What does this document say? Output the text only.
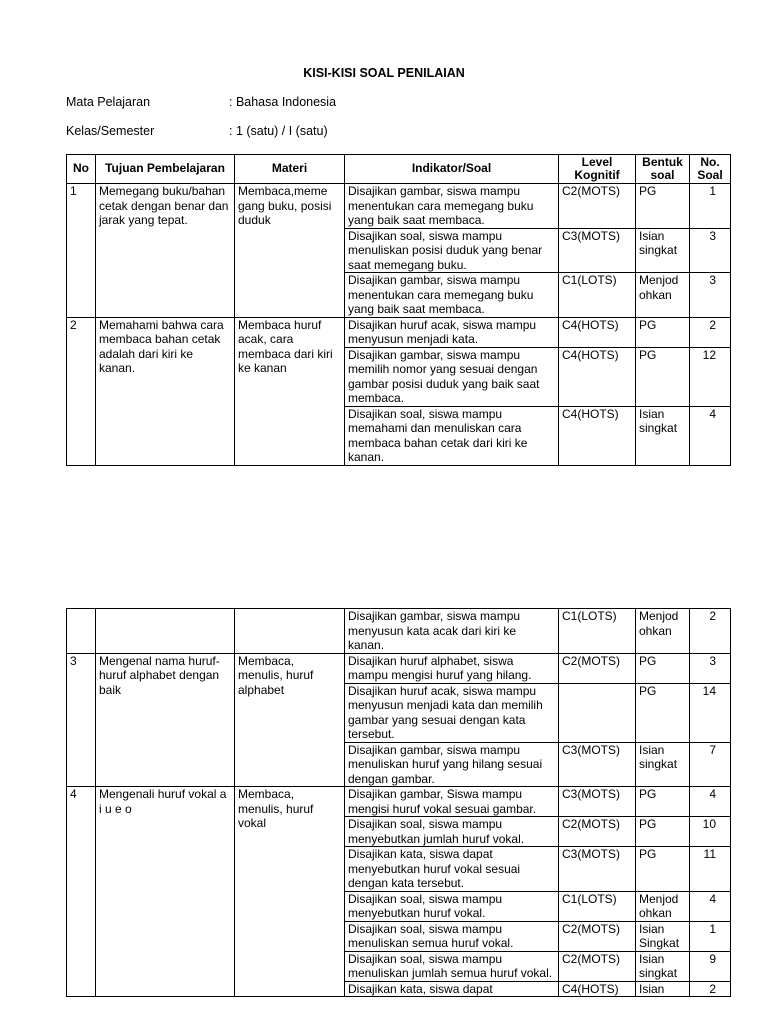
KISI-KISI SOAL PENILAIAN
Mata Pelajaran	: Bahasa Indonesia
Kelas/Semester	: 1 (satu) / I (satu)
No	Tujuan Pembelajaran	Materi	Indikator/Soal	Level Kognitif	Bentuk soal	No. Soal
1	Memegang buku/bahan cetak dengan benar dan jarak yang tepat.	Membaca,meme gang buku, posisi duduk	Disajikan gambar, siswa mampu menentukan cara memegang buku yang baik saat membaca.	C2(MOTS)	PG	1
			Disajikan soal, siswa mampu menuliskan posisi duduk yang benar saat memegang buku.	C3(MOTS)	Isian singkat	3
			Disajikan gambar, siswa mampu menentukan cara memegang buku yang baik saat membaca.	C1(LOTS)	Menjod ohkan	3
2	Memahami bahwa cara membaca bahan cetak adalah dari kiri ke kanan.	Membaca huruf acak, cara membaca dari kiri ke kanan	Disajikan huruf acak, siswa mampu menyusun menjadi kata.	C4(HOTS)	PG	2
			Disajikan gambar, siswa mampu memilih nomor yang sesuai dengan gambar posisi duduk yang baik saat membaca.	C4(HOTS)	PG	12
			Disajikan soal, siswa mampu memahami dan menuliskan cara membaca bahan cetak dari kiri ke kanan.	C4(HOTS)	Isian singkat	4
			Disajikan gambar, siswa mampu menyusun kata acak dari kiri ke kanan.	C1(LOTS)	Menjod ohkan	2
3	Mengenal nama huruf-huruf alphabet dengan baik	Membaca, menulis, huruf alphabet	Disajikan huruf alphabet, siswa mampu mengisi huruf yang hilang.	C2(MOTS)	PG	3
			Disajikan huruf acak, siswa mampu menyusun menjadi kata dan memilih gambar yang sesuai dengan kata tersebut.		PG	14
			Disajikan gambar, siswa mampu menuliskan huruf yang hilang sesuai dengan gambar.	C3(MOTS)	Isian singkat	7
4	Mengenali huruf vokal a i u e o	Membaca, menulis, huruf vokal	Disajikan gambar, Siswa mampu mengisi huruf vokal sesuai gambar.	C3(MOTS)	PG	4
			Disajikan soal, siswa mampu menyebutkan jumlah huruf vokal.	C2(MOTS)	PG	10
			Disajikan kata, siswa dapat menyebutkan huruf vokal sesuai dengan kata tersebut.	C3(MOTS)	PG	11
			Disajikan soal, siswa mampu menyebutkan huruf vokal.	C1(LOTS)	Menjod ohkan	4
			Disajikan soal, siswa mampu menuliskan semua huruf vokal.	C2(MOTS)	Isian Singkat	1
			Disajikan soal, siswa mampu menuliskan jumlah semua huruf vokal.	C2(MOTS)	Isian singkat	9
			Disajikan kata, siswa dapat	C4(HOTS)	Isian	2
